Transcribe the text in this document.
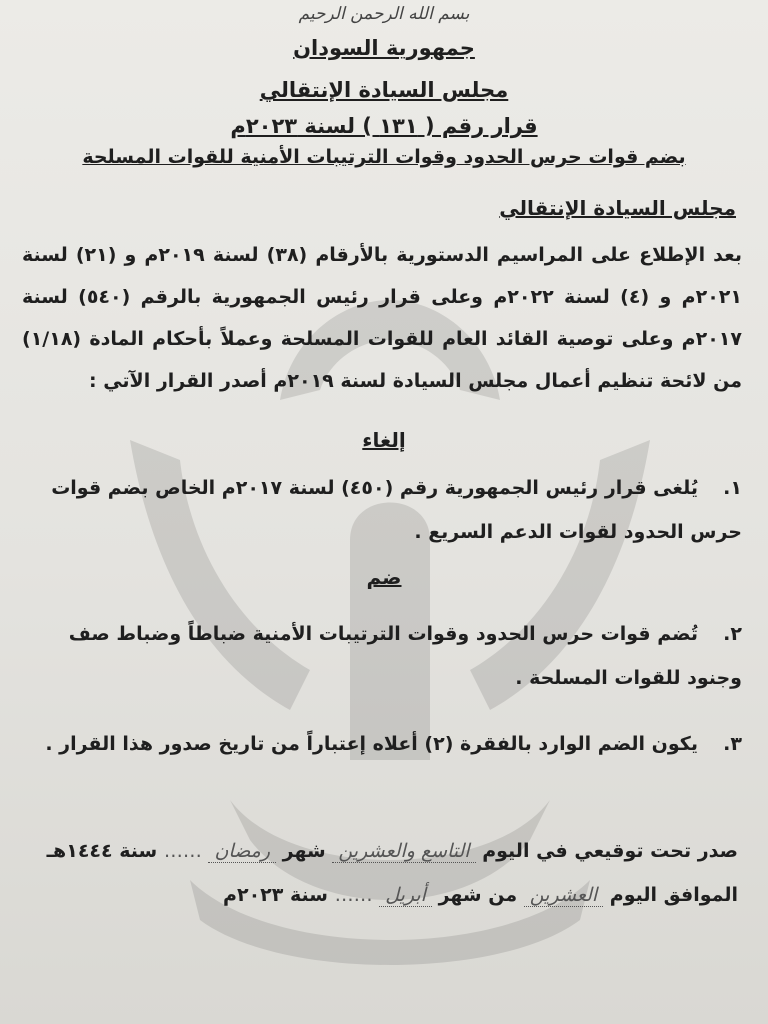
بسم الله الرحمن الرحيم
جمهورية السودان
مجلس السيادة الإنتقالي
قرار رقم ( ١٣١ ) لسنة ٢٠٢٣م
بضم قوات حرس الحدود وقوات الترتيبات الأمنية للقوات المسلحة
مجلس السيادة الإنتقالي
بعد الإطلاع على المراسيم الدستورية بالأرقام (٣٨) لسنة ٢٠١٩م و (٢١) لسنة ٢٠٢١م و (٤) لسنة ٢٠٢٢م وعلى قرار رئيس الجمهورية بالرقم (٥٤٠) لسنة ٢٠١٧م وعلى توصية القائد العام للقوات المسلحة وعملاً بأحكام المادة (١/١٨) من لائحة تنظيم أعمال مجلس السيادة لسنة ٢٠١٩م أصدر القرار الآتي :
إلغاء
١.يُلغى قرار رئيس الجمهورية رقم (٤٥٠) لسنة ٢٠١٧م الخاص بضم قوات حرس الحدود لقوات الدعم السريع .
ضم
٢.تُضم قوات حرس الحدود وقوات الترتيبات الأمنية ضباطاً وضباط صف وجنود للقوات المسلحة .
٣.يكون الضم الوارد بالفقرة (٢) أعلاه إعتباراً من تاريخ صدور هذا القرار .
صدر تحت توقيعي في اليوم التاسع والعشرين شهر رمضان …… سنة ١٤٤٤هـ
الموافق اليوم العشرين من شهر أبريل …… سنة ٢٠٢٣م
